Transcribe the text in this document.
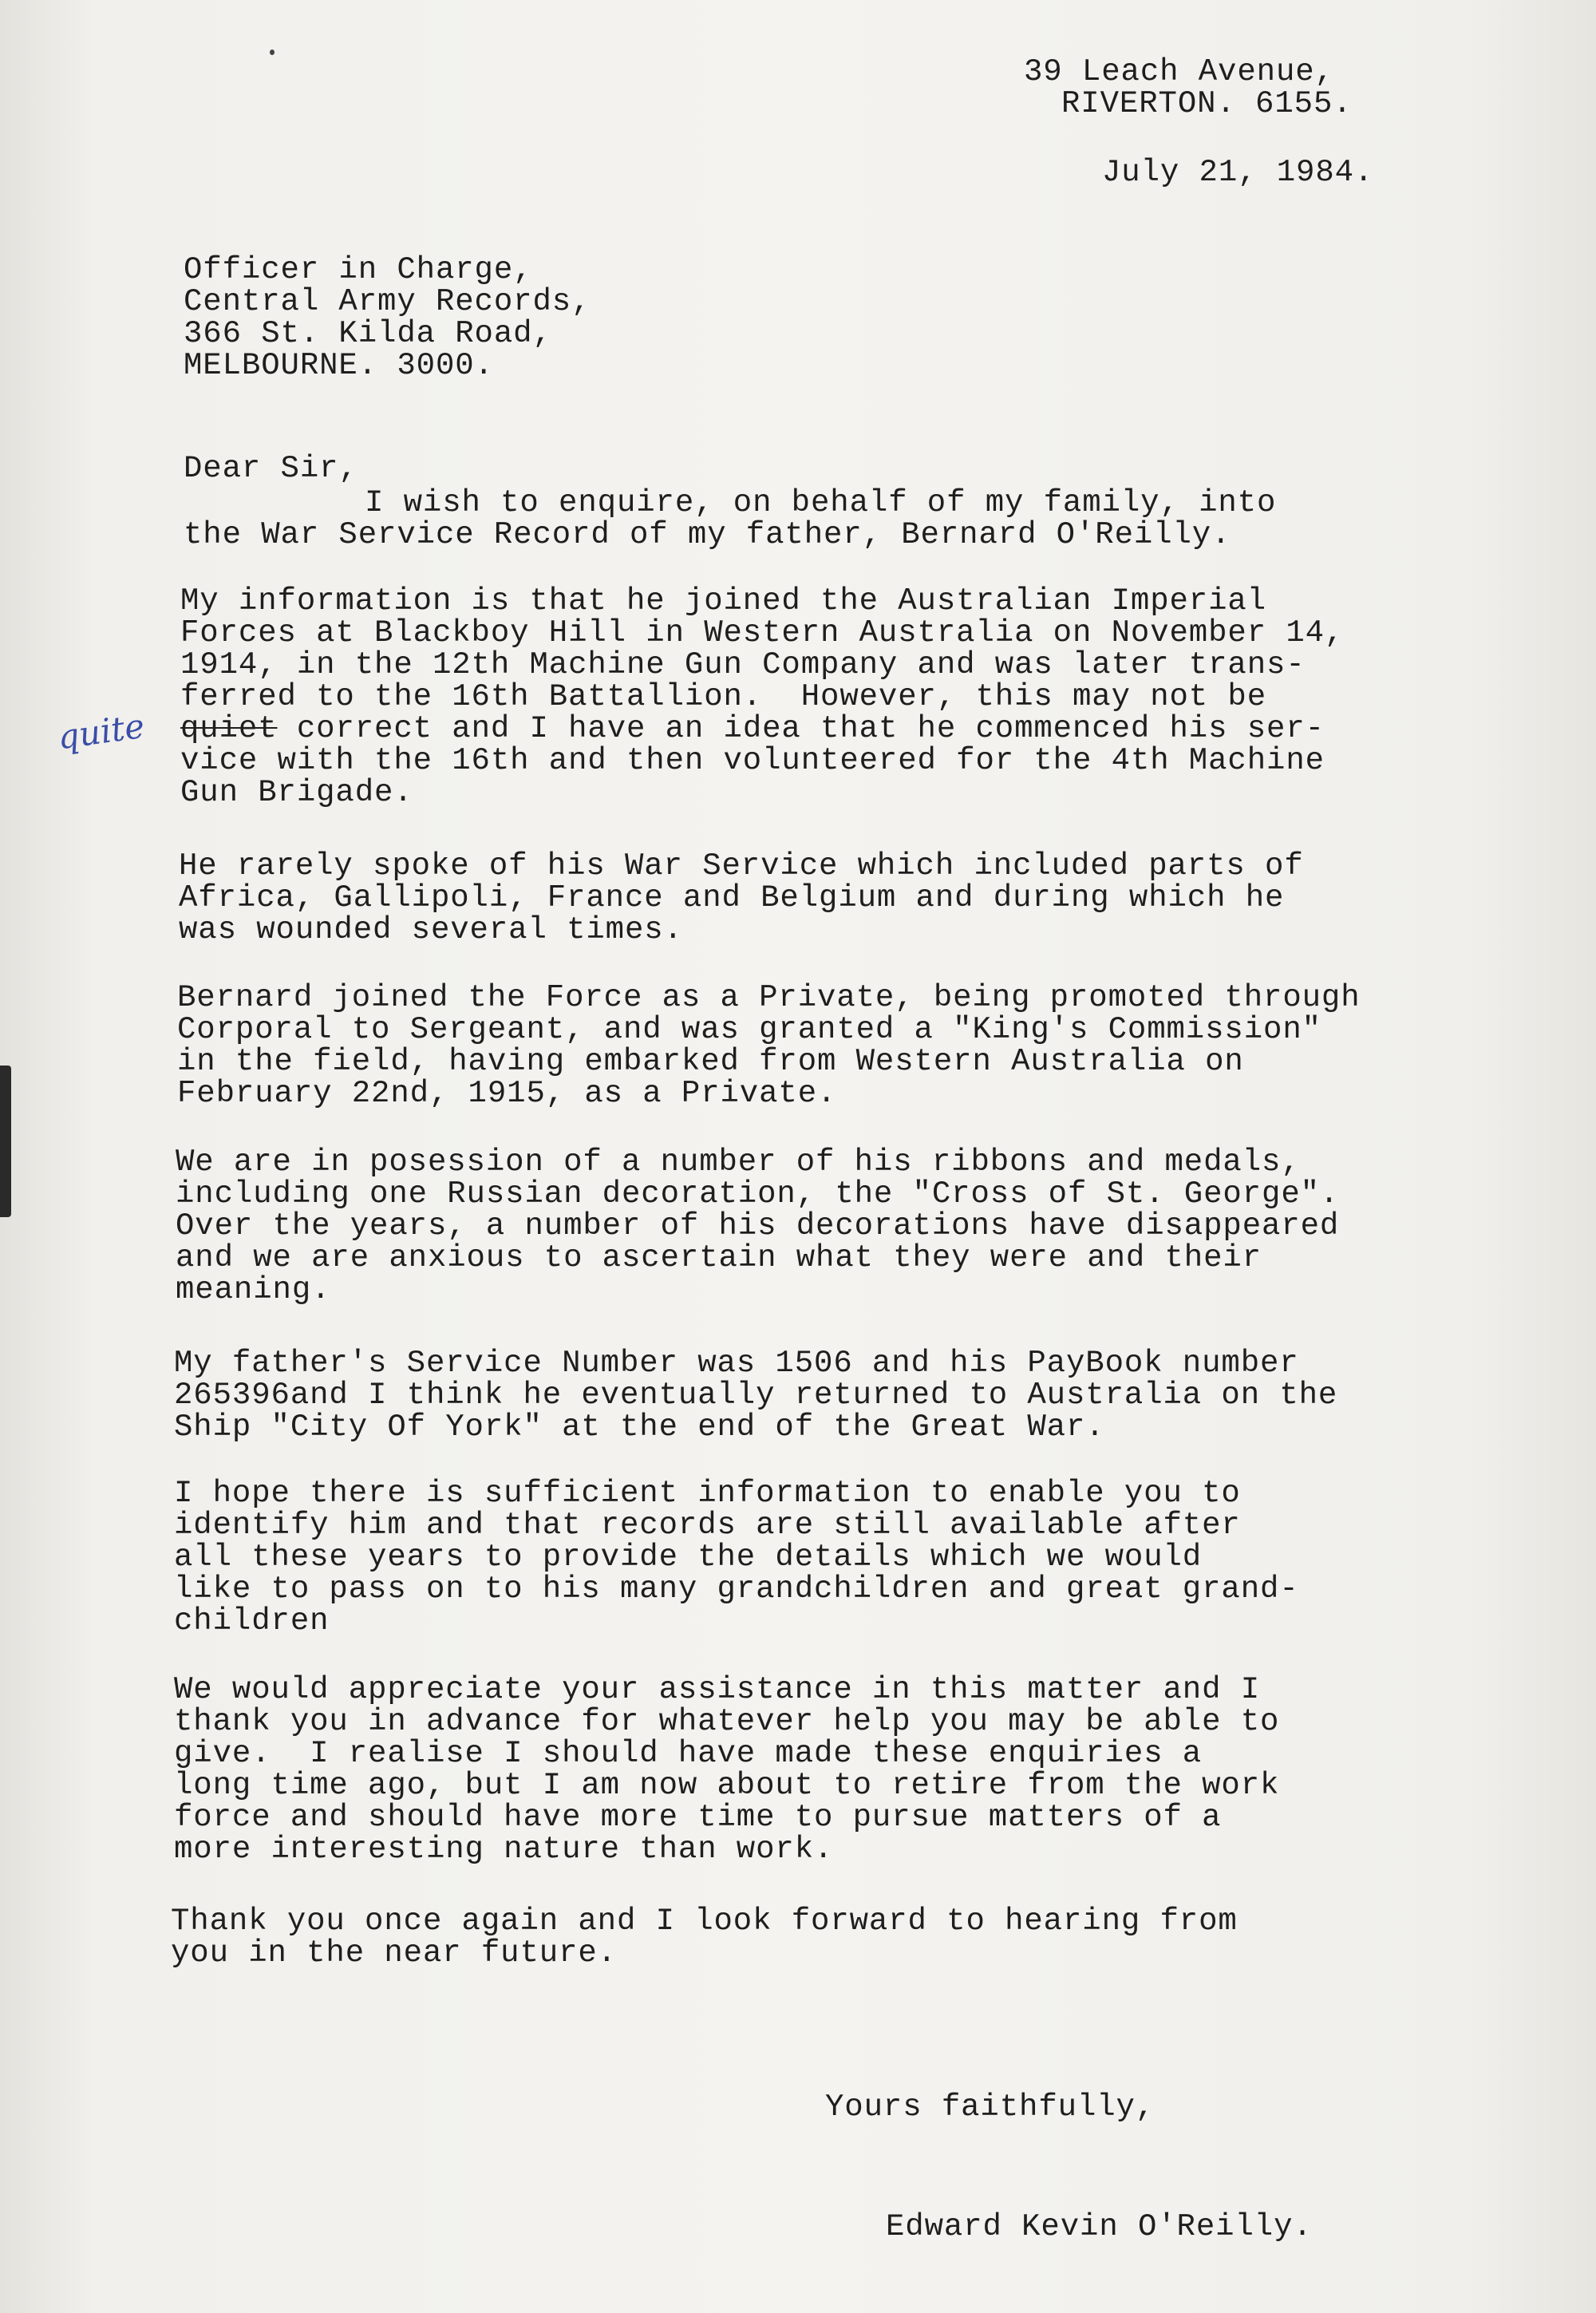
39 Leach Avenue,
RIVERTON. 6155.
July 21, 1984.
Officer in Charge,
Central Army Records,
366 St. Kilda Road,
MELBOURNE. 3000.
Dear Sir,
I wish to enquire, on behalf of my family, into
the War Service Record of my father, Bernard O'Reilly.
My information is that he joined the Australian Imperial
Forces at Blackboy Hill in Western Australia on November 14,
1914, in the 12th Machine Gun Company and was later trans-
ferred to the 16th Battallion.  However, this may not be
quiet correct and I have an idea that he commenced his ser-
quite
vice with the 16th and then volunteered for the 4th Machine
Gun Brigade.
He rarely spoke of his War Service which included parts of
Africa, Gallipoli, France and Belgium and during which he
was wounded several times.
Bernard joined the Force as a Private, being promoted through
Corporal to Sergeant, and was granted a "King's Commission"
in the field, having embarked from Western Australia on
February 22nd, 1915, as a Private.
We are in posession of a number of his ribbons and medals,
including one Russian decoration, the "Cross of St. George".
Over the years, a number of his decorations have disappeared
and we are anxious to ascertain what they were and their
meaning.
My father's Service Number was 1506 and his PayBook number
265396and I think he eventually returned to Australia on the
Ship "City Of York" at the end of the Great War.
I hope there is sufficient information to enable you to
identify him and that records are still available after
all these years to provide the details which we would
like to pass on to his many grandchildren and great grand-
children
We would appreciate your assistance in this matter and I
thank you in advance for whatever help you may be able to
give.  I realise I should have made these enquiries a
long time ago, but I am now about to retire from the work
force and should have more time to pursue matters of a
more interesting nature than work.
Thank you once again and I look forward to hearing from
you in the near future.
Yours faithfully,
Edward Kevin O'Reilly.
